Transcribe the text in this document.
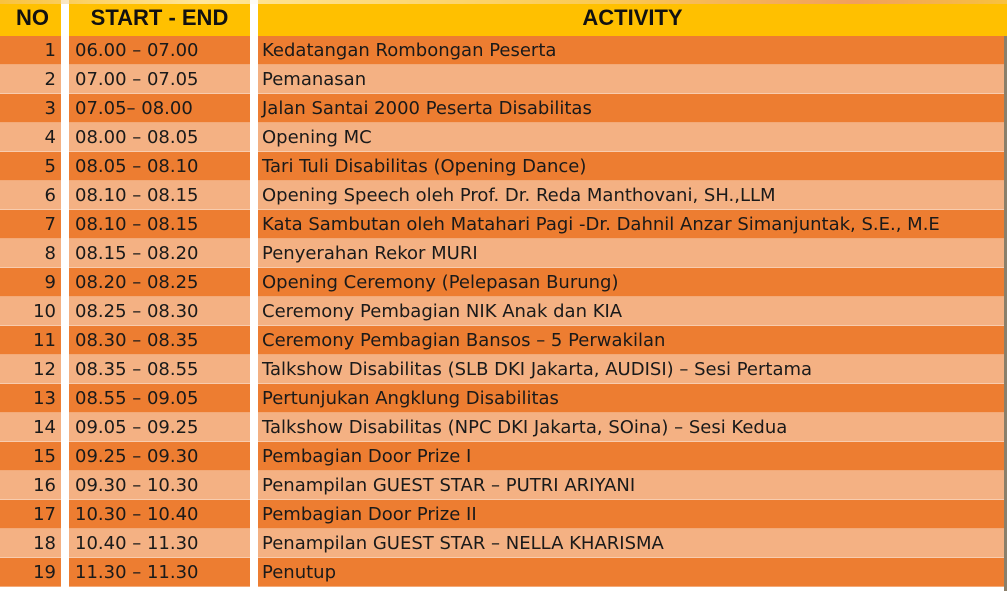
NO	START - END	ACTIVITY
1	06.00 – 07.00	Kedatangan Rombongan Peserta
2	07.00 – 07.05	Pemanasan
3	07.05– 08.00	Jalan Santai 2000 Peserta Disabilitas
4	08.00 – 08.05	Opening MC
5	08.05 – 08.10	Tari Tuli Disabilitas (Opening Dance)
6	08.10 – 08.15	Opening Speech oleh Prof. Dr. Reda Manthovani, SH.,LLM
7	08.10 – 08.15	Kata Sambutan oleh Matahari Pagi -Dr. Dahnil Anzar Simanjuntak, S.E., M.E
8	08.15 – 08.20	Penyerahan Rekor MURI
9	08.20 – 08.25	Opening Ceremony (Pelepasan Burung)
10	08.25 – 08.30	Ceremony Pembagian NIK Anak dan KIA
11	08.30 – 08.35	Ceremony Pembagian Bansos – 5 Perwakilan
12	08.35 – 08.55	Talkshow Disabilitas (SLB DKI Jakarta, AUDISI) – Sesi Pertama
13	08.55 – 09.05	Pertunjukan Angklung Disabilitas
14	09.05 – 09.25	Talkshow Disabilitas (NPC DKI Jakarta, SOina) – Sesi Kedua
15	09.25 – 09.30	Pembagian Door Prize I
16	09.30 – 10.30	Penampilan GUEST STAR – PUTRI ARIYANI
17	10.30 – 10.40	Pembagian Door Prize II
18	10.40 – 11.30	Penampilan GUEST STAR – NELLA KHARISMA
19	11.30 – 11.30	Penutup
